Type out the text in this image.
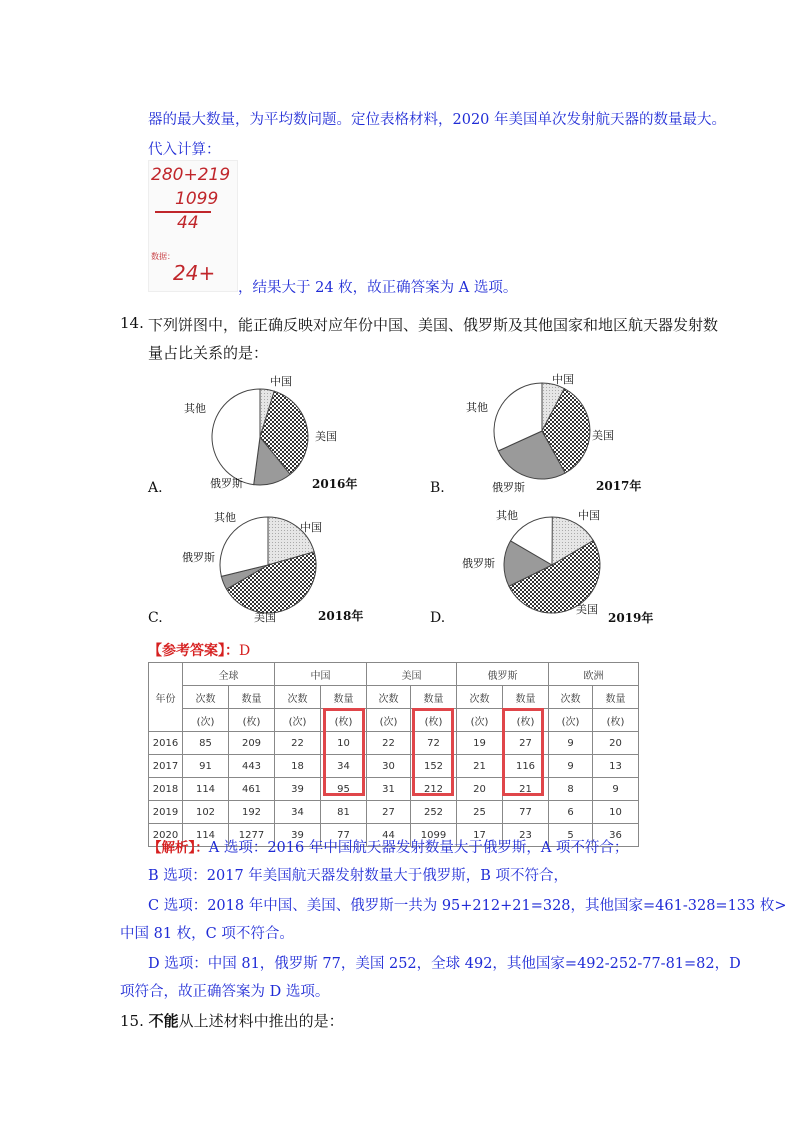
器的最大数量，为平均数问题。定位表格材料，2020 年美国单次发射航天器的数量最大。
代入计算：
280+219
1099
44
数据：
24+
，结果大于 24 枚，故正确答案为 A 选项。
14. 下列饼图中，能正确反映对应年份中国、美国、俄罗斯及其他国家和地区航天器发射数
量占比关系的是：
中国
美国
俄罗斯
其他
2016年
A.
中国
美国
俄罗斯
其他
2017年
B.
其他
中国
俄罗斯
美国	2018年
C.
其他	中国
俄罗斯
美国
2019年
D.
【参考答案】：D
年份	全球		中国		美国		俄罗斯		欧洲	
	次数	数量	次数	数量	次数	数量	次数	数量	次数	数量
	(次)	(枚)	(次)	(枚)	(次)	(枚)	(次)	(枚)	(次)	(枚)
2016	85	209	22	10	22	72	19	27	9	20
2017	91	443	18	34	30	152	21	116	9	13
2018	114	461	39	95	31	212	20	21	8	9
2019	102	192	34	81	27	252	25	77	6	10
2020	114	1277	39	77	44	1099	17	23	5	36
【解析】：A 选项：2016 年中国航天器发射数量大于俄罗斯，A 项不符合；
B 选项：2017 年美国航天器发射数量大于俄罗斯，B 项不符合，
C 选项：2018 年中国、美国、俄罗斯一共为 95+212+21=328，其他国家=461-328=133 枚>
中国 81 枚，C 项不符合。
D 选项：中国 81，俄罗斯 77，美国 252，全球 492，其他国家=492-252-77-81=82，D
项符合，故正确答案为 D 选项。
15. 不能从上述材料中推出的是：
